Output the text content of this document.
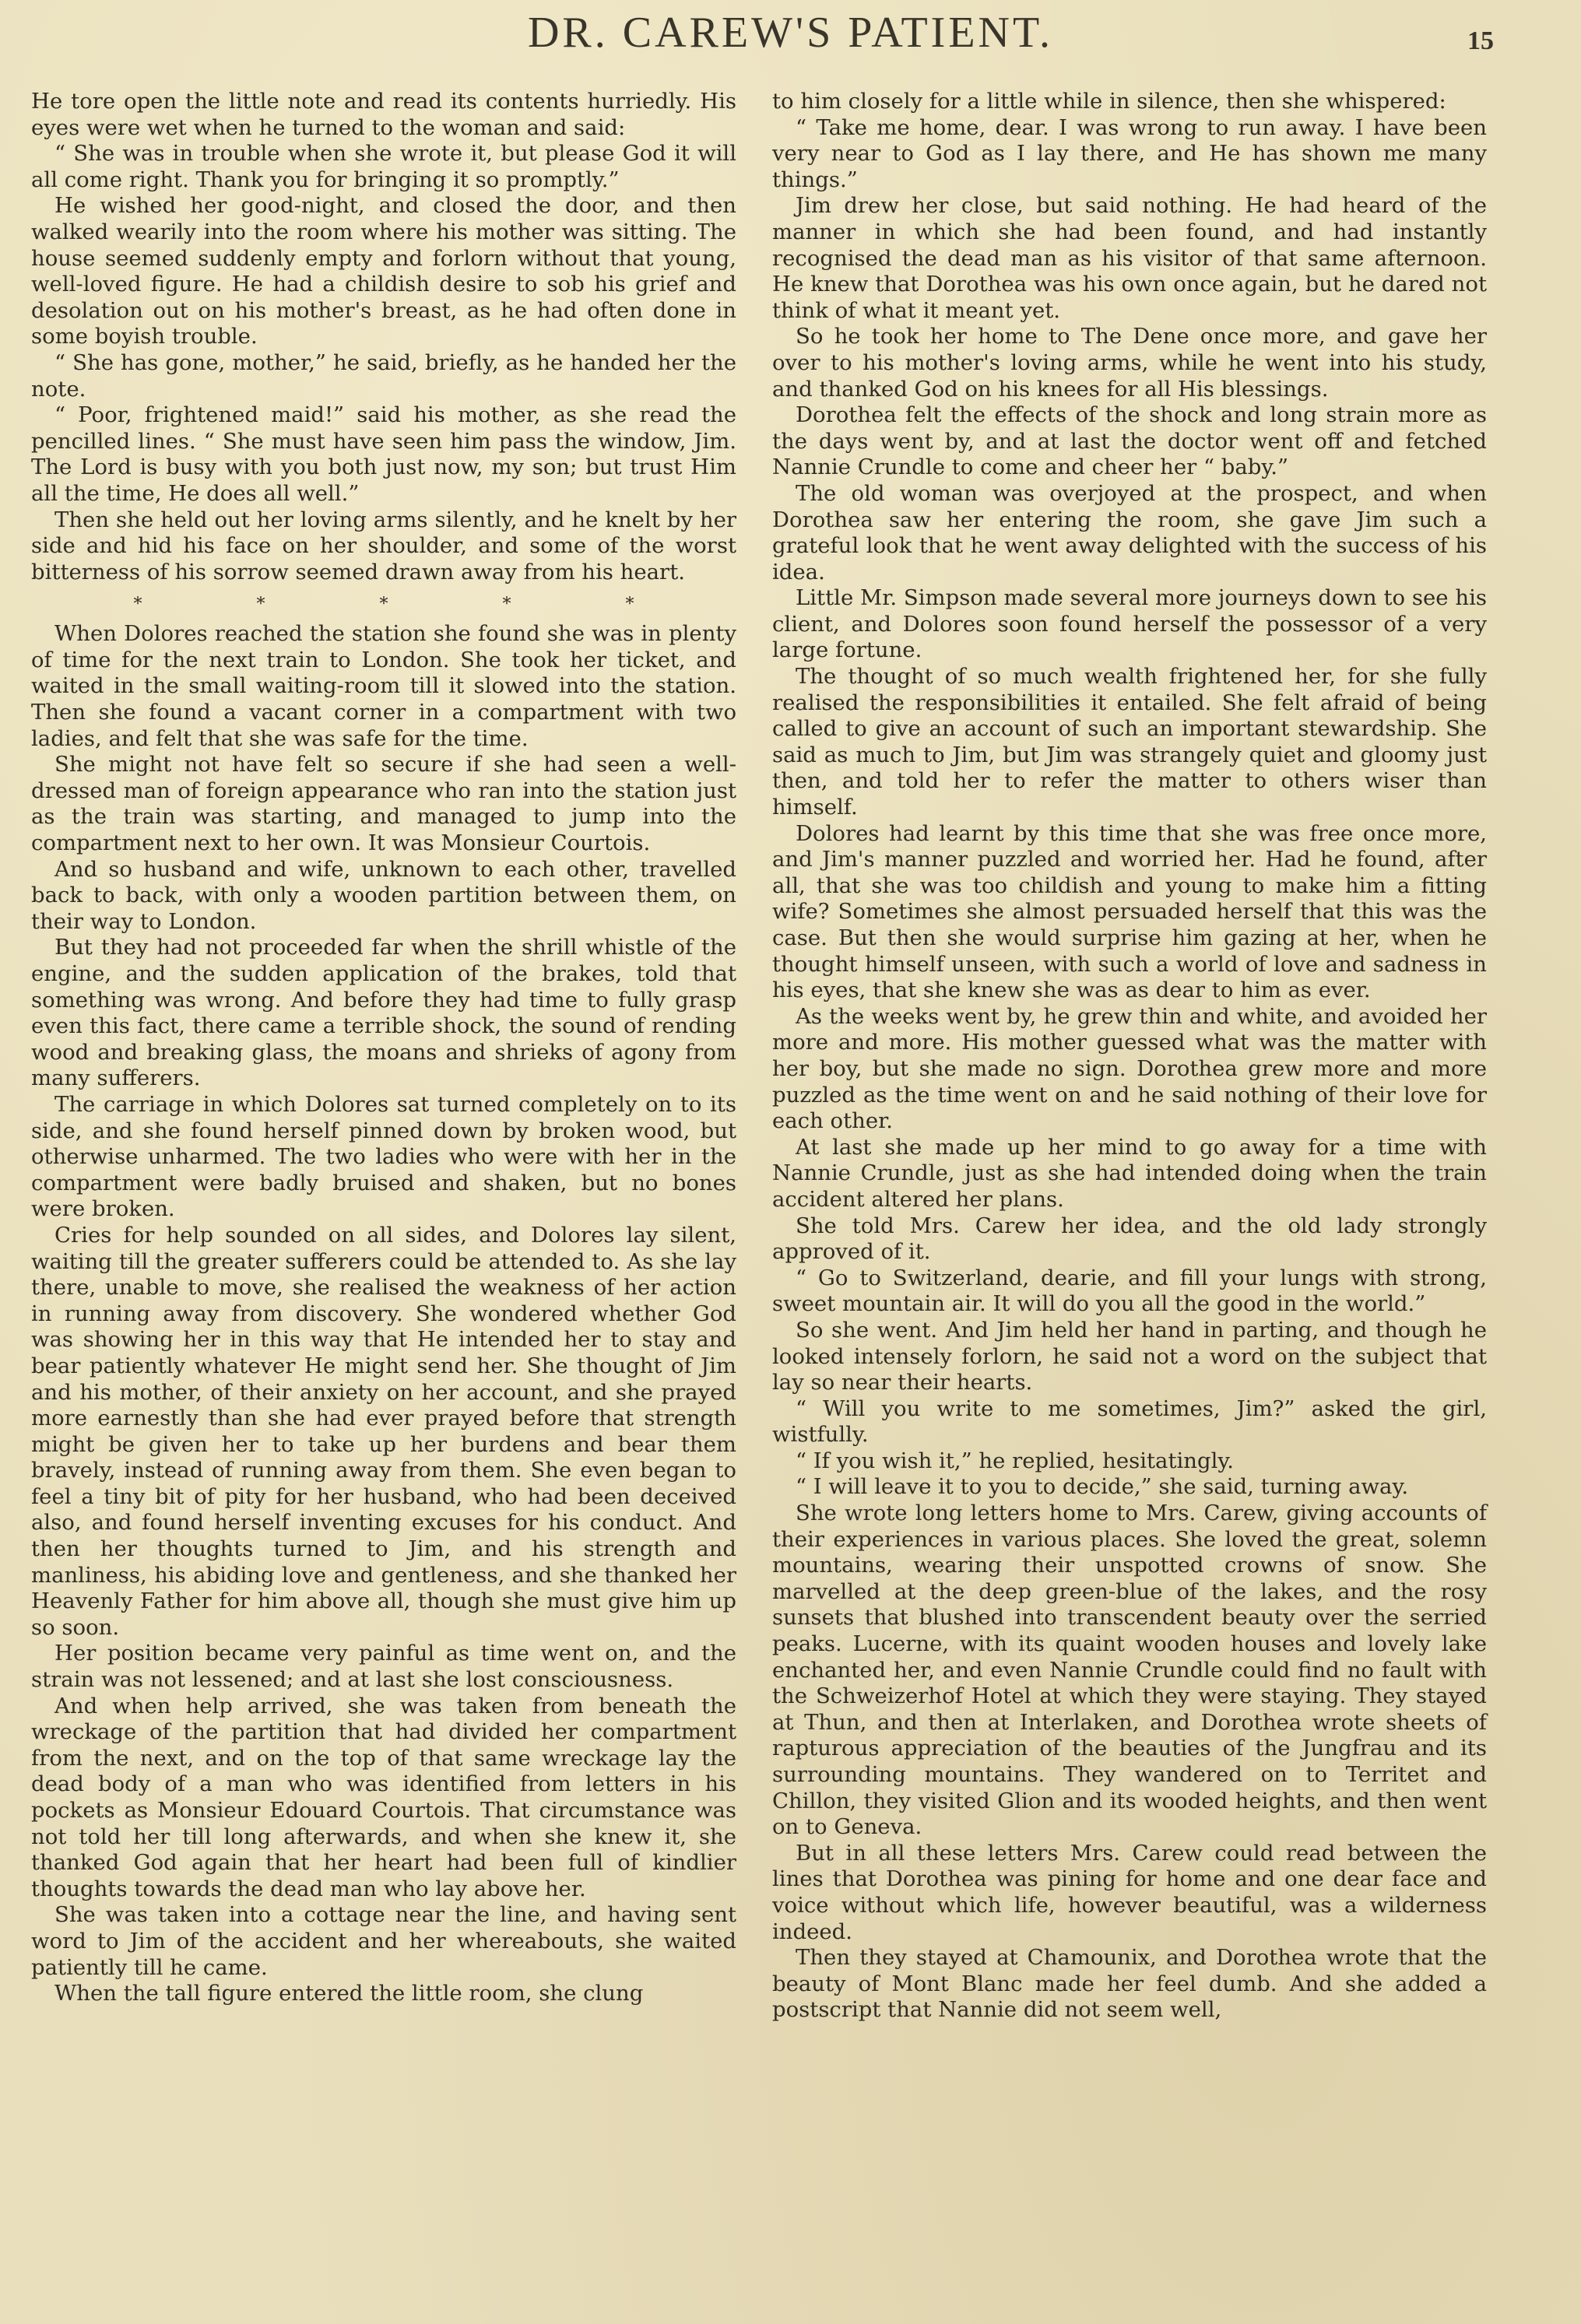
DR. CAREW'S PATIENT.	15

He tore open the little note and read its contents hurriedly. His eyes were wet when he turned to the woman and said:

“ She was in trouble when she wrote it, but please God it will all come right. Thank you for bringing it so promptly.”

He wished her good-night, and closed the door, and then walked wearily into the room where his mother was sitting. The house seemed suddenly empty and forlorn without that young, well-loved figure. He had a childish desire to sob his grief and desolation out on his mother's breast, as he had often done in some boyish trouble.

“ She has gone, mother,” he said, briefly, as he handed her the note.

“ Poor, frightened maid!” said his mother, as she read the pencilled lines. “ She must have seen him pass the window, Jim. The Lord is busy with you both just now, my son; but trust Him all the time, He does all well.”

Then she held out her loving arms silently, and he knelt by her side and hid his face on her shoulder, and some of the worst bitterness of his sorrow seemed drawn away from his heart.

* * * * *

When Dolores reached the station she found she was in plenty of time for the next train to London. She took her ticket, and waited in the small waiting-room till it slowed into the station. Then she found a vacant corner in a compartment with two ladies, and felt that she was safe for the time.

She might not have felt so secure if she had seen a well-dressed man of foreign appearance who ran into the station just as the train was starting, and managed to jump into the compartment next to her own. It was Monsieur Courtois.

And so husband and wife, unknown to each other, travelled back to back, with only a wooden partition between them, on their way to London.

But they had not proceeded far when the shrill whistle of the engine, and the sudden application of the brakes, told that something was wrong. And before they had time to fully grasp even this fact, there came a terrible shock, the sound of rending wood and breaking glass, the moans and shrieks of agony from many sufferers.

The carriage in which Dolores sat turned completely on to its side, and she found herself pinned down by broken wood, but otherwise unharmed. The two ladies who were with her in the compartment were badly bruised and shaken, but no bones were broken.

Cries for help sounded on all sides, and Dolores lay silent, waiting till the greater sufferers could be attended to. As she lay there, unable to move, she realised the weakness of her action in running away from discovery. She wondered whether God was showing her in this way that He intended her to stay and bear patiently whatever He might send her. She thought of Jim and his mother, of their anxiety on her account, and she prayed more earnestly than she had ever prayed before that strength might be given her to take up her burdens and bear them bravely, instead of running away from them. She even began to feel a tiny bit of pity for her husband, who had been deceived also, and found herself inventing excuses for his conduct. And then her thoughts turned to Jim, and his strength and manliness, his abiding love and gentleness, and she thanked her Heavenly Father for him above all, though she must give him up so soon.

Her position became very painful as time went on, and the strain was not lessened; and at last she lost consciousness.

And when help arrived, she was taken from beneath the wreckage of the partition that had divided her compartment from the next, and on the top of that same wreckage lay the dead body of a man who was identified from letters in his pockets as Monsieur Edouard Courtois. That circumstance was not told her till long afterwards, and when she knew it, she thanked God again that her heart had been full of kindlier thoughts towards the dead man who lay above her.

She was taken into a cottage near the line, and having sent word to Jim of the accident and her whereabouts, she waited patiently till he came.

When the tall figure entered the little room, she clung

to him closely for a little while in silence, then she whispered:

“ Take me home, dear. I was wrong to run away. I have been very near to God as I lay there, and He has shown me many things.”

Jim drew her close, but said nothing. He had heard of the manner in which she had been found, and had instantly recognised the dead man as his visitor of that same afternoon. He knew that Dorothea was his own once again, but he dared not think of what it meant yet.

So he took her home to The Dene once more, and gave her over to his mother's loving arms, while he went into his study, and thanked God on his knees for all His blessings.

Dorothea felt the effects of the shock and long strain more as the days went by, and at last the doctor went off and fetched Nannie Crundle to come and cheer her “ baby.”

The old woman was overjoyed at the prospect, and when Dorothea saw her entering the room, she gave Jim such a grateful look that he went away delighted with the success of his idea.

Little Mr. Simpson made several more journeys down to see his client, and Dolores soon found herself the possessor of a very large fortune.

The thought of so much wealth frightened her, for she fully realised the responsibilities it entailed. She felt afraid of being called to give an account of such an important stewardship. She said as much to Jim, but Jim was strangely quiet and gloomy just then, and told her to refer the matter to others wiser than himself.

Dolores had learnt by this time that she was free once more, and Jim's manner puzzled and worried her. Had he found, after all, that she was too childish and young to make him a fitting wife? Sometimes she almost persuaded herself that this was the case. But then she would surprise him gazing at her, when he thought himself unseen, with such a world of love and sadness in his eyes, that she knew she was as dear to him as ever.

As the weeks went by, he grew thin and white, and avoided her more and more. His mother guessed what was the matter with her boy, but she made no sign. Dorothea grew more and more puzzled as the time went on and he said nothing of their love for each other.

At last she made up her mind to go away for a time with Nannie Crundle, just as she had intended doing when the train accident altered her plans.

She told Mrs. Carew her idea, and the old lady strongly approved of it.

“ Go to Switzerland, dearie, and fill your lungs with strong, sweet mountain air. It will do you all the good in the world.”

So she went. And Jim held her hand in parting, and though he looked intensely forlorn, he said not a word on the subject that lay so near their hearts.

“ Will you write to me sometimes, Jim?” asked the girl, wistfully.

“ If you wish it,” he replied, hesitatingly.

“ I will leave it to you to decide,” she said, turning away.

She wrote long letters home to Mrs. Carew, giving accounts of their experiences in various places. She loved the great, solemn mountains, wearing their unspotted crowns of snow. She marvelled at the deep green-blue of the lakes, and the rosy sunsets that blushed into transcendent beauty over the serried peaks. Lucerne, with its quaint wooden houses and lovely lake enchanted her, and even Nannie Crundle could find no fault with the Schweizerhof Hotel at which they were staying. They stayed at Thun, and then at Interlaken, and Dorothea wrote sheets of rapturous appreciation of the beauties of the Jungfrau and its surrounding mountains. They wandered on to Territet and Chillon, they visited Glion and its wooded heights, and then went on to Geneva.

But in all these letters Mrs. Carew could read between the lines that Dorothea was pining for home and one dear face and voice without which life, however beautiful, was a wilderness indeed.

Then they stayed at Chamounix, and Dorothea wrote that the beauty of Mont Blanc made her feel dumb. And she added a postscript that Nannie did not seem well,
